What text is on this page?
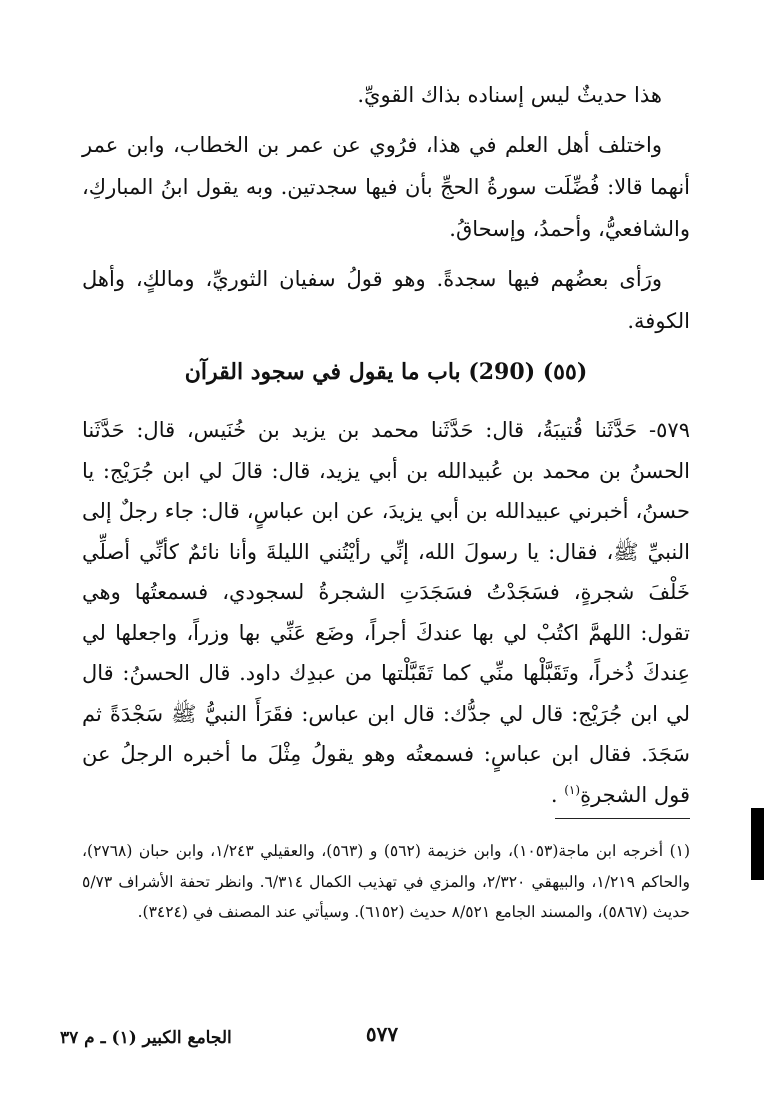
هذا حديثٌ ليس إسناده بذاك القويِّ.

واختلف أهل العلم في هذا، فرُوي عن عمر بن الخطاب، وابن عمر أنهما قالا: فُضِّلَت سورةُ الحجِّ بأن فيها سجدتين. وبه يقول ابنُ المباركِ، والشافعيُّ، وأحمدُ، وإسحاقُ.

ورَأى بعضُهم فيها سجدةً. وهو قولُ سفيان الثوريِّ، ومالكٍ، وأهل الكوفة.

(٥٥) (290) باب ما يقول في سجود القرآن
٥٧٩- حَدَّثَنا قُتيبَةُ، قال: حَدَّثَنا محمد بن يزيد بن خُنَيس، قال: حَدَّثَنا الحسنُ بن محمد بن عُبيدالله بن أبي يزيد، قال: قالَ لي ابن جُرَيْج: يا حسنُ، أخبرني عبيدالله بن أبي يزيدَ، عن ابن عباسٍ، قال: جاء رجلٌ إلى النبيِّ ﷺ، فقال: يا رسولَ الله، إنِّي رأيْتُني الليلةَ وأنا نائمٌ كأنِّي أصلِّي خَلْفَ شجرةٍ، فسَجَدْتُ فسَجَدَتِ الشجرةُ لسجودي، فسمعتُها وهي تقول: اللهمَّ اكتُبْ لي بها عندكَ أجراً، وضَع عَنِّي بها وزراً، واجعلها لي عِندكَ ذُخراً، وتَقَبَّلْها منِّي كما تَقَبَّلْتها من عبدِك داود. قال الحسنُ: قال لي ابن جُرَيْج: قال لي جدُّك: قال ابن عباس: فقَرَأَ النبيُّ ﷺ سَجْدَةً ثم سَجَدَ. فقال ابن عباسٍ: فسمعتُه وهو يقولُ مِثْلَ ما أخبره الرجلُ عن قول الشجرةِ$^{(١)}$ .
(١) أخرجه ابن ماجة(١٠٥٣)، وابن خزيمة (٥٦٢) و (٥٦٣)، والعقيلي ١/٢٤٣، وابن حبان (٢٧٦٨)، والحاكم ١/٢١٩، والبيهقي ٢/٣٢٠، والمزي في تهذيب الكمال ٦/٣١٤. وانظر تحفة الأشراف ٥/٧٣ حديث (٥٨٦٧)، والمسند الجامع ٨/٥٢١ حديث (٦١٥٢). وسيأتي عند المصنف في (٣٤٢٤).
٥٧٧
الجامع الكبير (١) ـ م ٣٧
